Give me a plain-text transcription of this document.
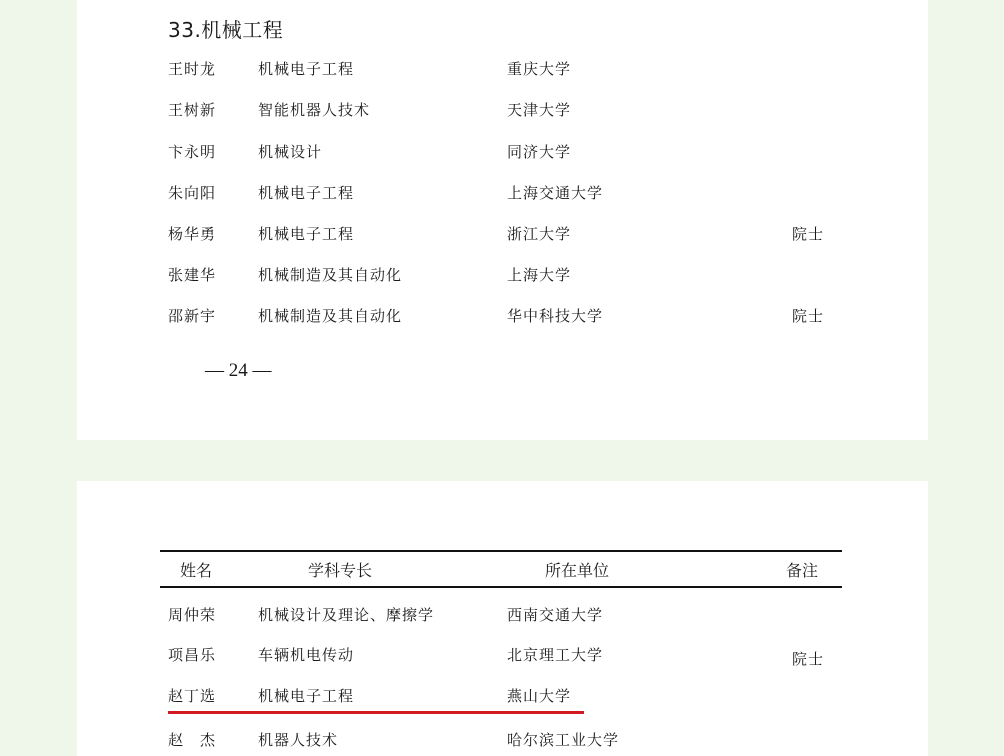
33.机械工程
王时龙	机械电子工程	重庆大学
王树新	智能机器人技术	天津大学
卞永明	机械设计	同济大学
朱向阳	机械电子工程	上海交通大学
杨华勇	机械电子工程	浙江大学	院士
张建华	机械制造及其自动化	上海大学
邵新宇	机械制造及其自动化	华中科技大学	院士
— 24 —
姓名	学科专长	所在单位	备注
周仲荣	机械设计及理论、摩擦学	西南交通大学
项昌乐	车辆机电传动	北京理工大学	院士
赵丁选	机械电子工程	燕山大学
赵　杰	机器人技术	哈尔滨工业大学
